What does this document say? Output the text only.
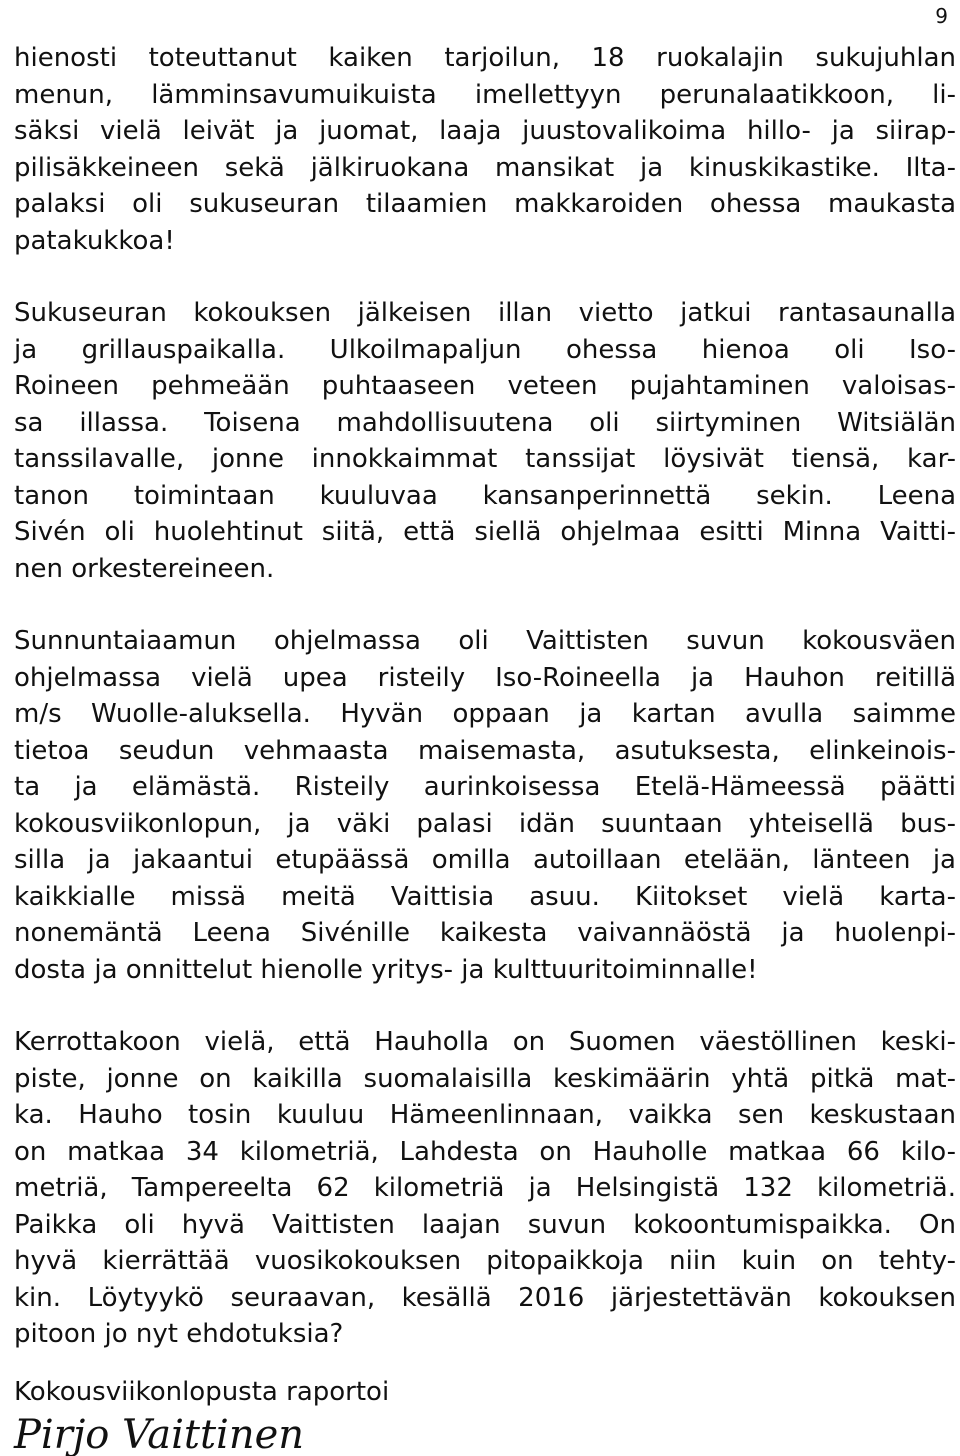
9
hienosti toteuttanut kaiken tarjoilun, 18 ruokalajin sukujuhlan
menun, lämminsavumuikuista imellettyyn perunalaatikkoon, li-
säksi vielä leivät ja juomat, laaja juustovalikoima hillo- ja siirap-
pilisäkkeineen sekä jälkiruokana mansikat ja kinuskikastike. Ilta-
palaksi oli sukuseuran tilaamien makkaroiden ohessa maukasta
patakukkoa!
Sukuseuran kokouksen jälkeisen illan vietto jatkui rantasaunalla
ja grillauspaikalla. Ulkoilmapaljun ohessa hienoa oli Iso-
Roineen pehmeään puhtaaseen veteen pujahtaminen valoisas-
sa illassa. Toisena mahdollisuutena oli siirtyminen Witsiälän
tanssilavalle, jonne innokkaimmat tanssijat löysivät tiensä, kar-
tanon toimintaan kuuluvaa kansanperinnettä sekin. Leena
Sivén oli huolehtinut siitä, että siellä ohjelmaa esitti Minna Vaitti-
nen orkestereineen.
Sunnuntaiaamun ohjelmassa oli Vaittisten suvun kokousväen
ohjelmassa vielä upea risteily Iso-Roineella ja Hauhon reitillä
m/s Wuolle-aluksella. Hyvän oppaan ja kartan avulla saimme
tietoa seudun vehmaasta maisemasta, asutuksesta, elinkeinois-
ta ja elämästä. Risteily aurinkoisessa Etelä-Hämeessä päätti
kokousviikonlopun, ja väki palasi idän suuntaan yhteisellä bus-
silla ja jakaantui etupäässä omilla autoillaan etelään, länteen ja
kaikkialle missä meitä Vaittisia asuu. Kiitokset vielä karta-
nonemäntä Leena Sivénille kaikesta vaivannäöstä ja huolenpi-
dosta ja onnittelut hienolle yritys- ja kulttuuritoiminnalle!
Kerrottakoon vielä, että Hauholla on Suomen väestöllinen keski-
piste, jonne on kaikilla suomalaisilla keskimäärin yhtä pitkä mat-
ka. Hauho tosin kuuluu Hämeenlinnaan, vaikka sen keskustaan
on matkaa 34 kilometriä, Lahdesta on Hauholle matkaa 66 kilo-
metriä, Tampereelta 62 kilometriä ja Helsingistä 132 kilometriä.
Paikka oli hyvä Vaittisten laajan suvun kokoontumispaikka. On
hyvä kierrättää vuosikokouksen pitopaikkoja niin kuin on tehty-
kin. Löytyykö seuraavan, kesällä 2016 järjestettävän kokouksen
pitoon jo nyt ehdotuksia?
Kokousviikonlopusta raportoi
Pirjo Vaittinen
